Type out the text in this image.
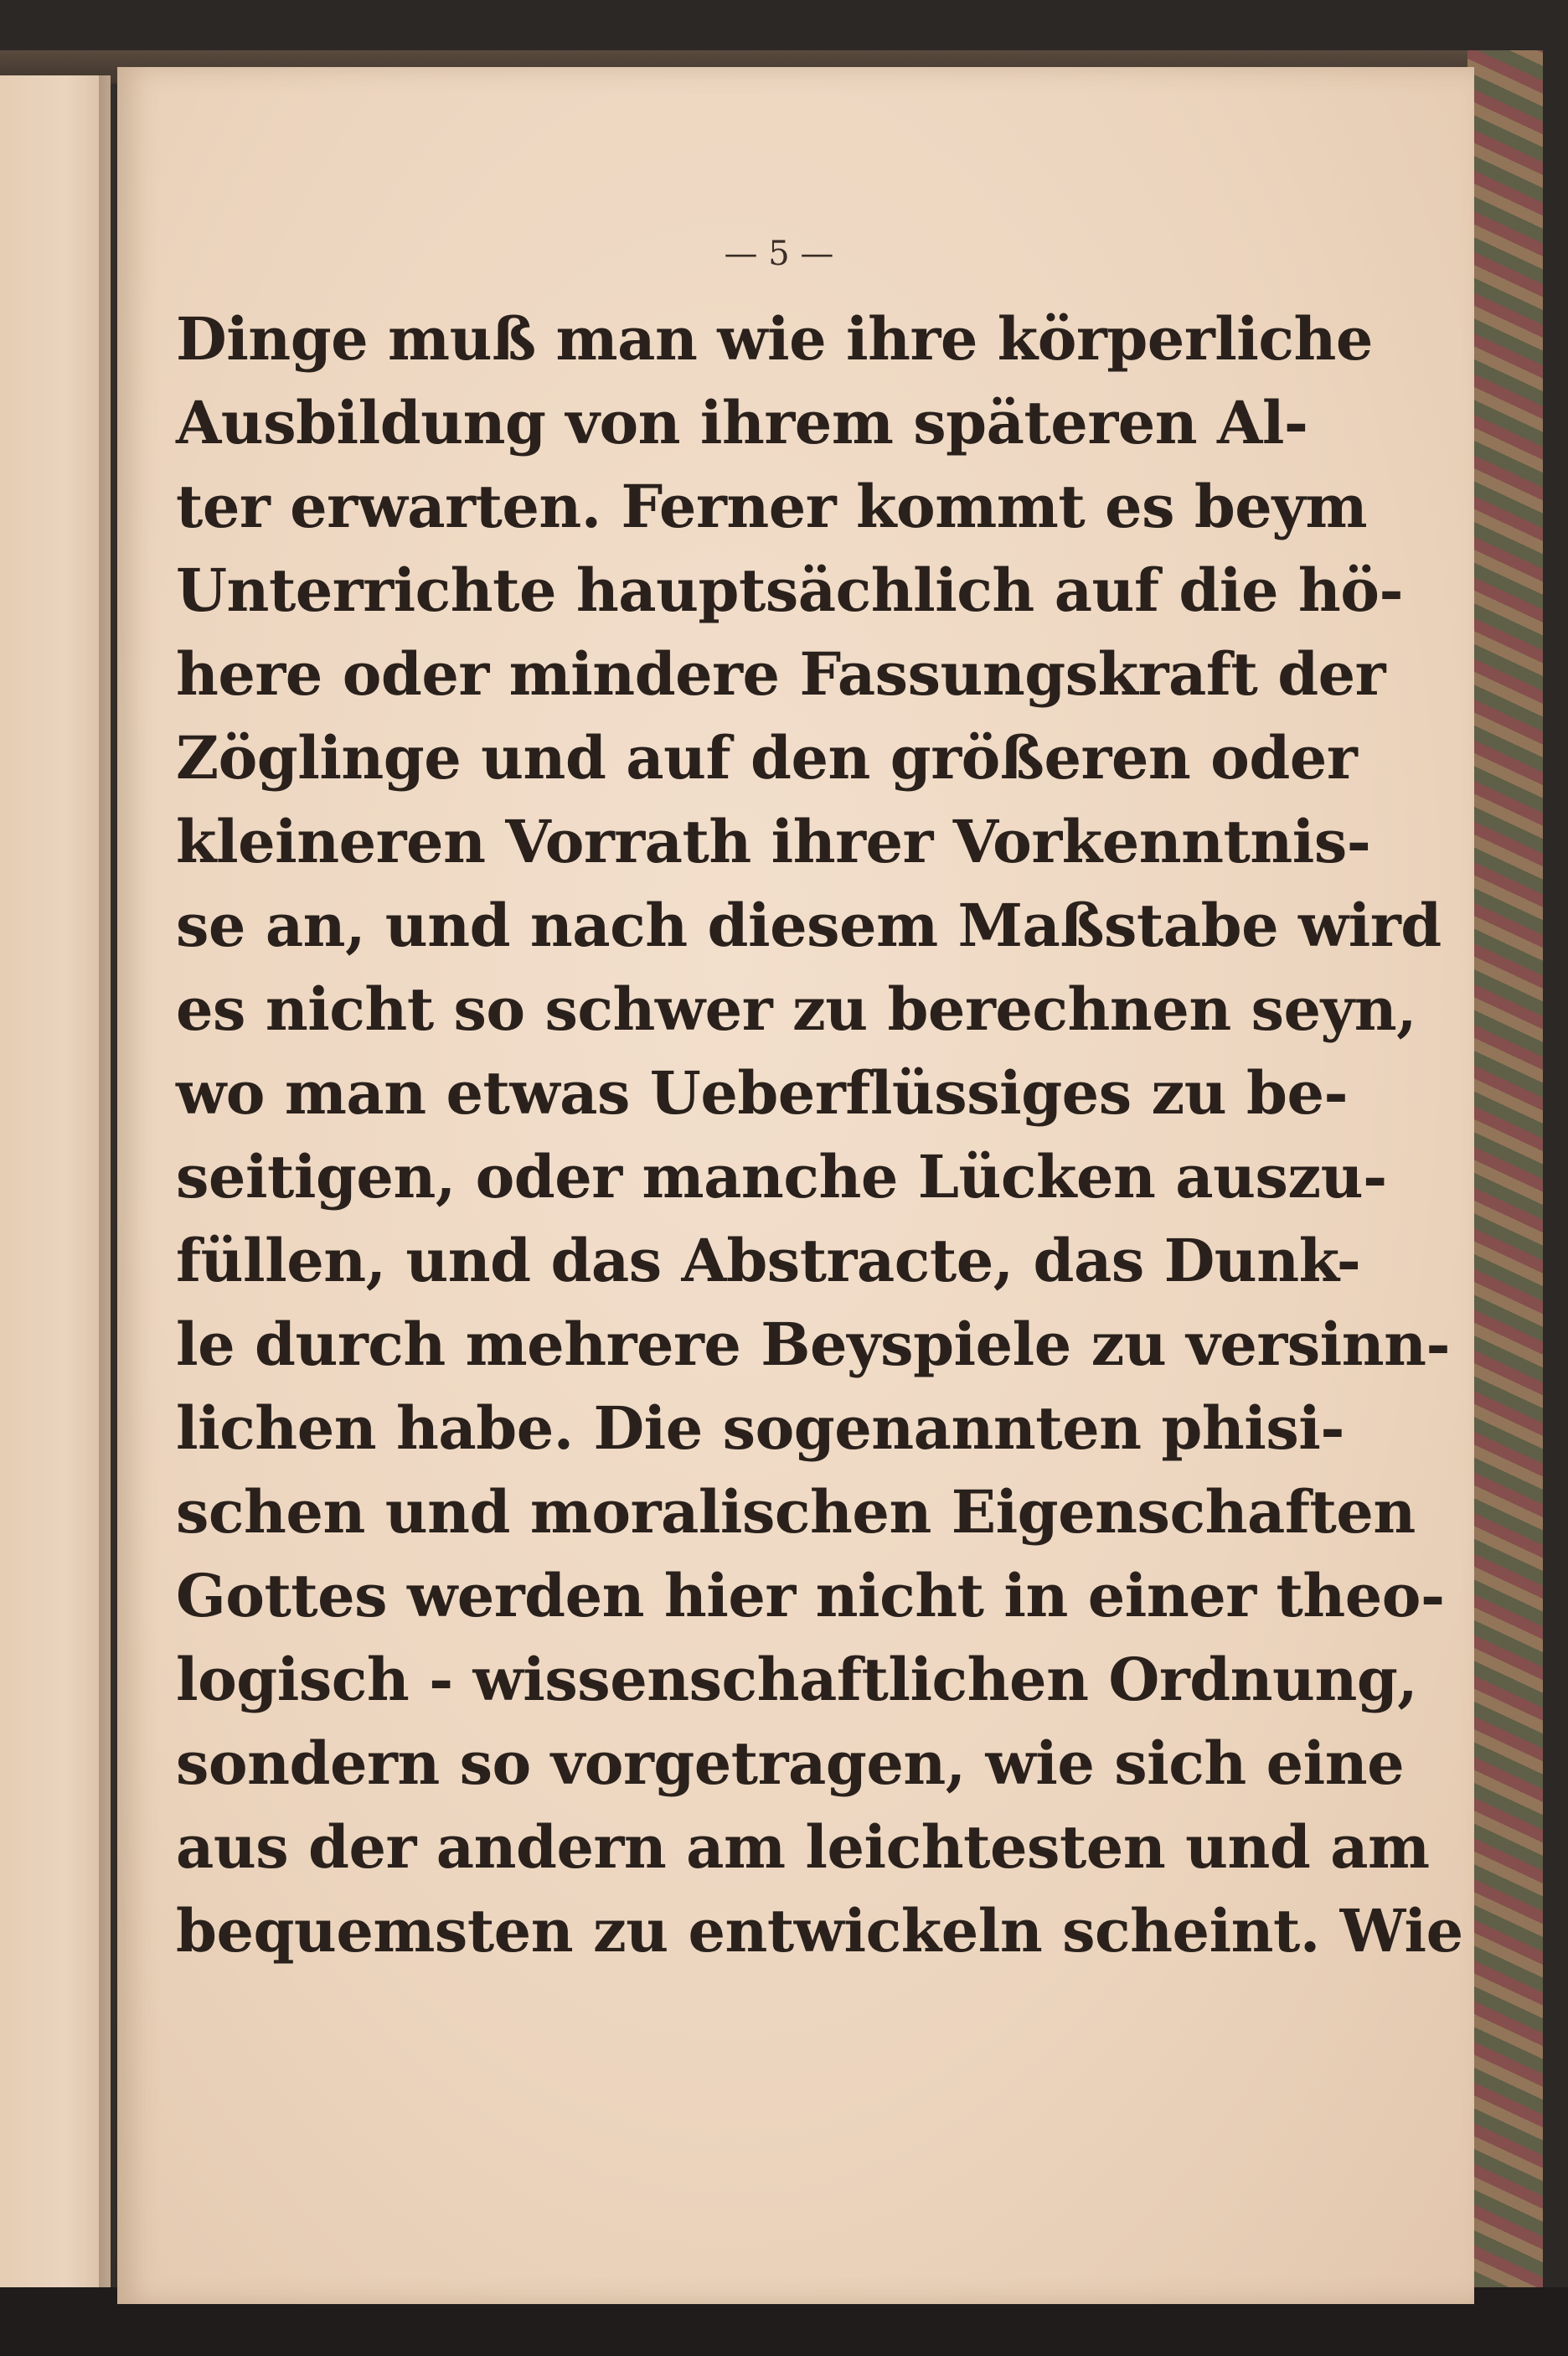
— 5 —
Dinge muß man wie ihre körperliche
Ausbildung von ihrem späteren Al-
ter erwarten. Ferner kommt es beym
Unterrichte hauptsächlich auf die hö-
here oder mindere Fassungskraft der
Zöglinge und auf den größeren oder
kleineren Vorrath ihrer Vorkenntnis-
se an, und nach diesem Maßstabe wird
es nicht so schwer zu berechnen seyn,
wo man etwas Ueberflüssiges zu be-
seitigen, oder manche Lücken auszu-
füllen, und das Abstracte, das Dunk-
le durch mehrere Beyspiele zu versinn-
lichen habe. Die sogenannten phisi-
schen und moralischen Eigenschaften
Gottes werden hier nicht in einer theo-
logisch - wissenschaftlichen Ordnung,
sondern so vorgetragen, wie sich eine
aus der andern am leichtesten und am
bequemsten zu entwickeln scheint. Wie
